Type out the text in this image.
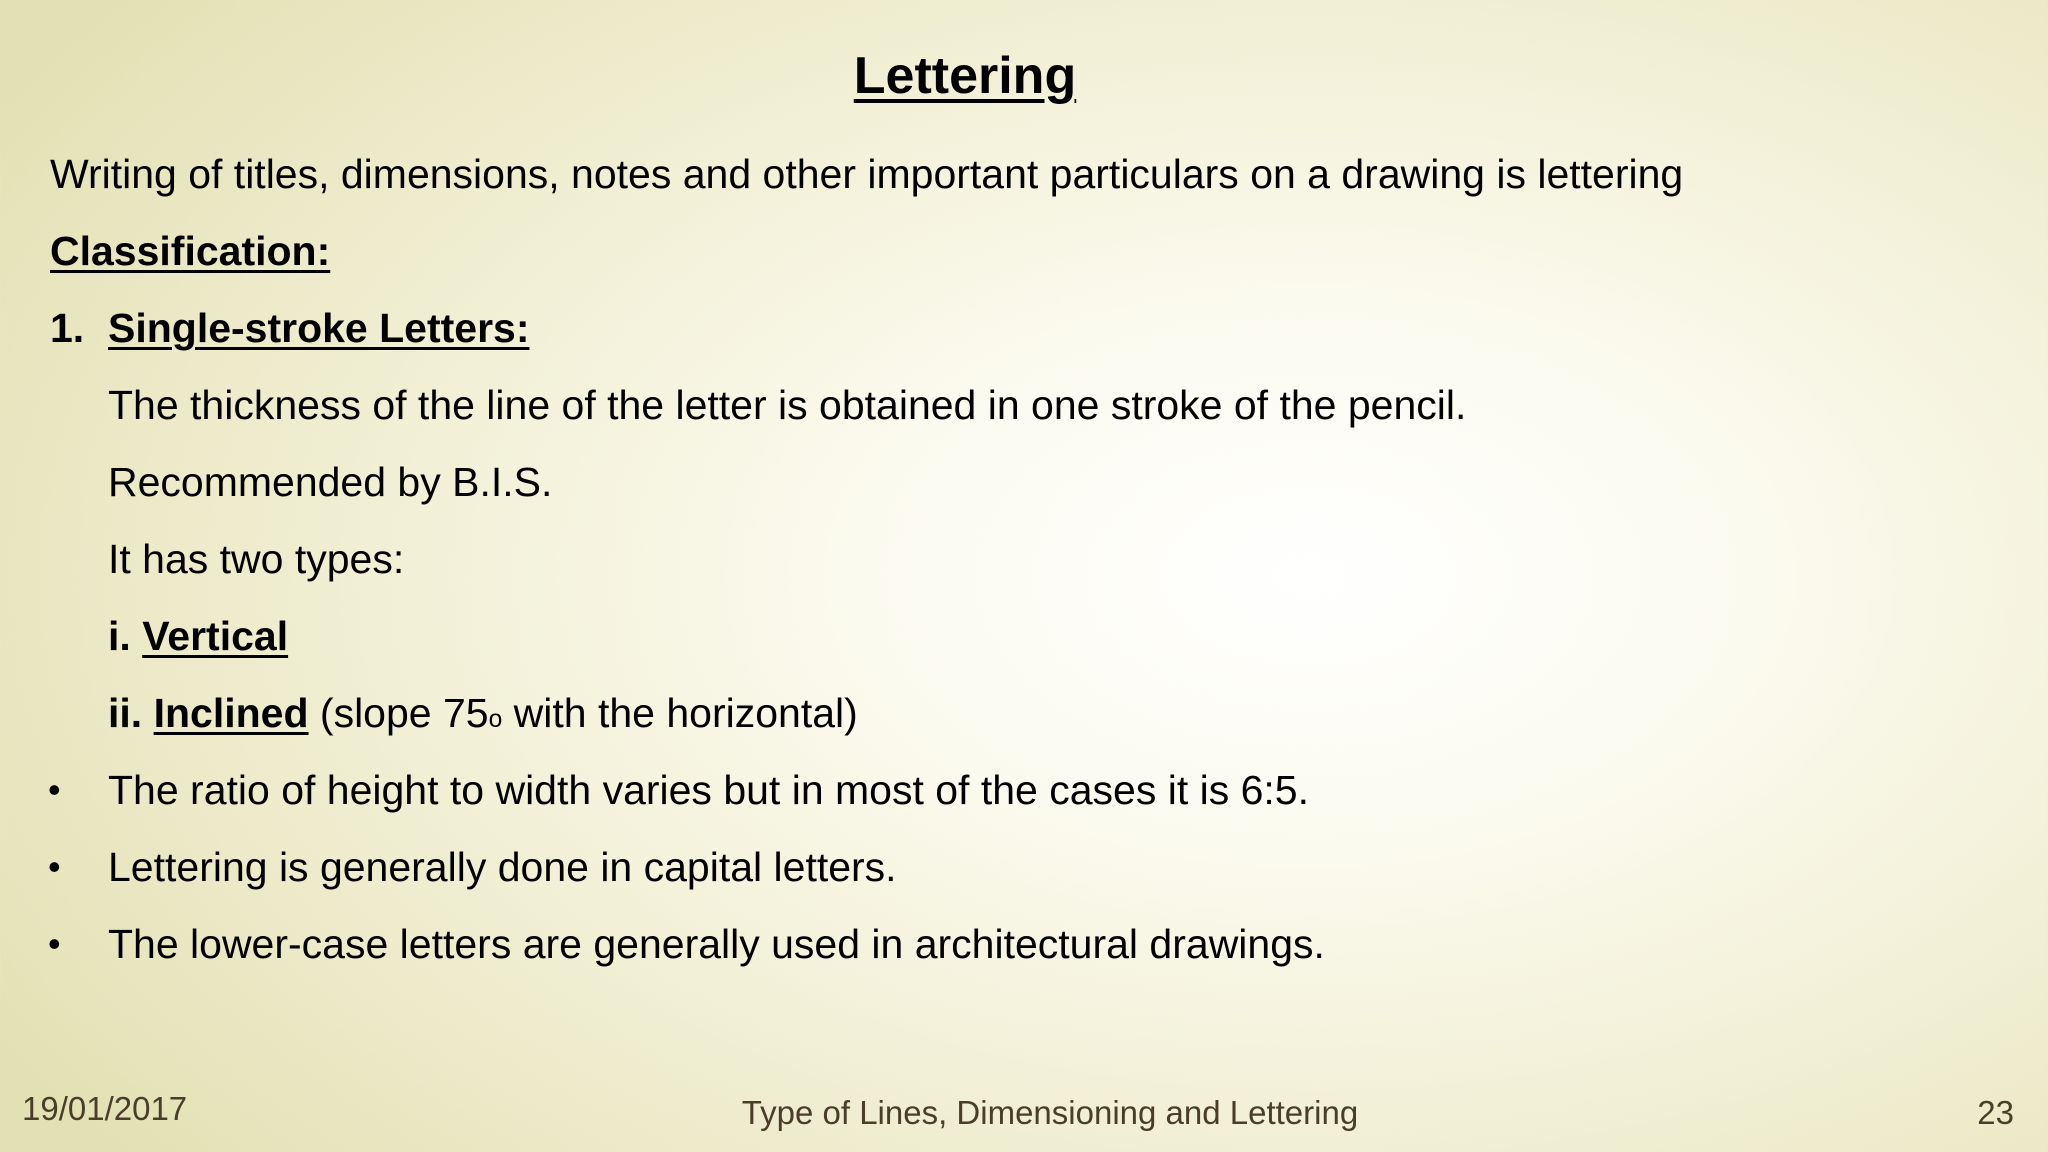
Lettering
Writing of titles, dimensions, notes and other important particulars on a drawing is lettering
Classification:
1. Single-stroke Letters:
The thickness of the line of the letter is obtained in one stroke of the pencil.
Recommended by B.I.S.
It has two types:
i. Vertical
ii. Inclined (slope 75$^o$ with the horizontal)
• The ratio of height to width varies but in most of the cases it is 6:5.
• Lettering is generally done in capital letters.
• The lower-case letters are generally used in architectural drawings.
19/01/2017	Type of Lines, Dimensioning and Lettering	23
